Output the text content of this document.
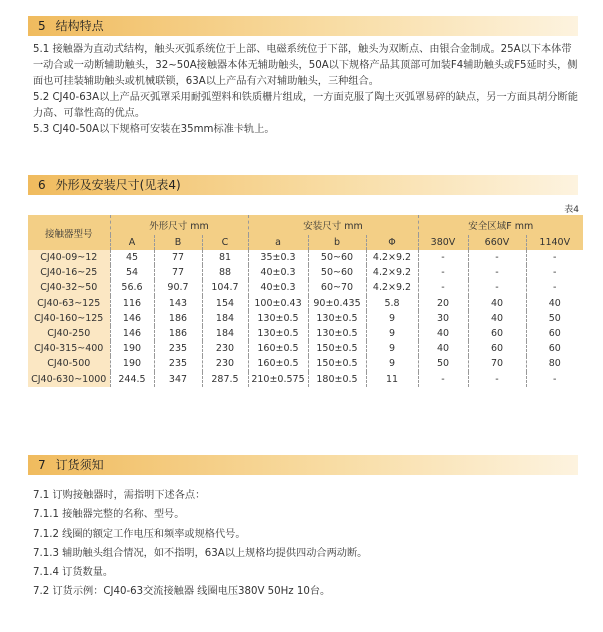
5 结构特点

5.1 接触器为直动式结构，触头灭弧系统位于上部、电磁系统位于下部，触头为双断点、由银合金制成。25A以下本体带一动合或一动断辅助触头，32~50A接触器本体无辅助触头，50A以下规格产品其顶部可加装F4辅助触头或F5延时头，侧面也可挂装辅助触头或机械联锁，63A以上产品有六对辅助触头，三种组合。

5.2 CJ40-63A以上产品灭弧罩采用耐弧塑料和铁质栅片组成，一方面克服了陶土灭弧罩易碎的缺点，另一方面具胡分断能力高、可靠性高的优点。

5.3 CJ40-50A以下规格可安装在35mm标准卡轨上。

6 外形及安装尺寸(见表4)
表4
接触器型号	外形尺寸 mm			安装尺寸 mm			安全区域F mm		
	A	B	C	a	b	Φ	380V	660V	1140V
CJ40-09~12	45	77	81	35±0.3	50~60	4.2×9.2	-	-	-
CJ40-16~25	54	77	88	40±0.3	50~60	4.2×9.2	-	-	-
CJ40-32~50	56.6	90.7	104.7	40±0.3	60~70	4.2×9.2	-	-	-
CJ40-63~125	116	143	154	100±0.43	90±0.435	5.8	20	40	40
CJ40-160~125	146	186	184	130±0.5	130±0.5	9	30	40	50
CJ40-250	146	186	184	130±0.5	130±0.5	9	40	60	60
CJ40-315~400	190	235	230	160±0.5	150±0.5	9	40	60	60
CJ40-500	190	235	230	160±0.5	150±0.5	9	50	70	80
CJ40-630~1000	244.5	347	287.5	210±0.575	180±0.5	11	-	-	-
7 订货须知

7.1 订购接触器时，需指明下述各点：

7.1.1 接触器完整的名称、型号。

7.1.2 线圈的额定工作电压和频率或规格代号。

7.1.3 辅助触头组合情况，如不指明，63A以上规格均提供四动合两动断。

7.1.4 订货数量。

7.2 订货示例：CJ40-63交流接触器 线圈电压380V 50Hz 10台。
